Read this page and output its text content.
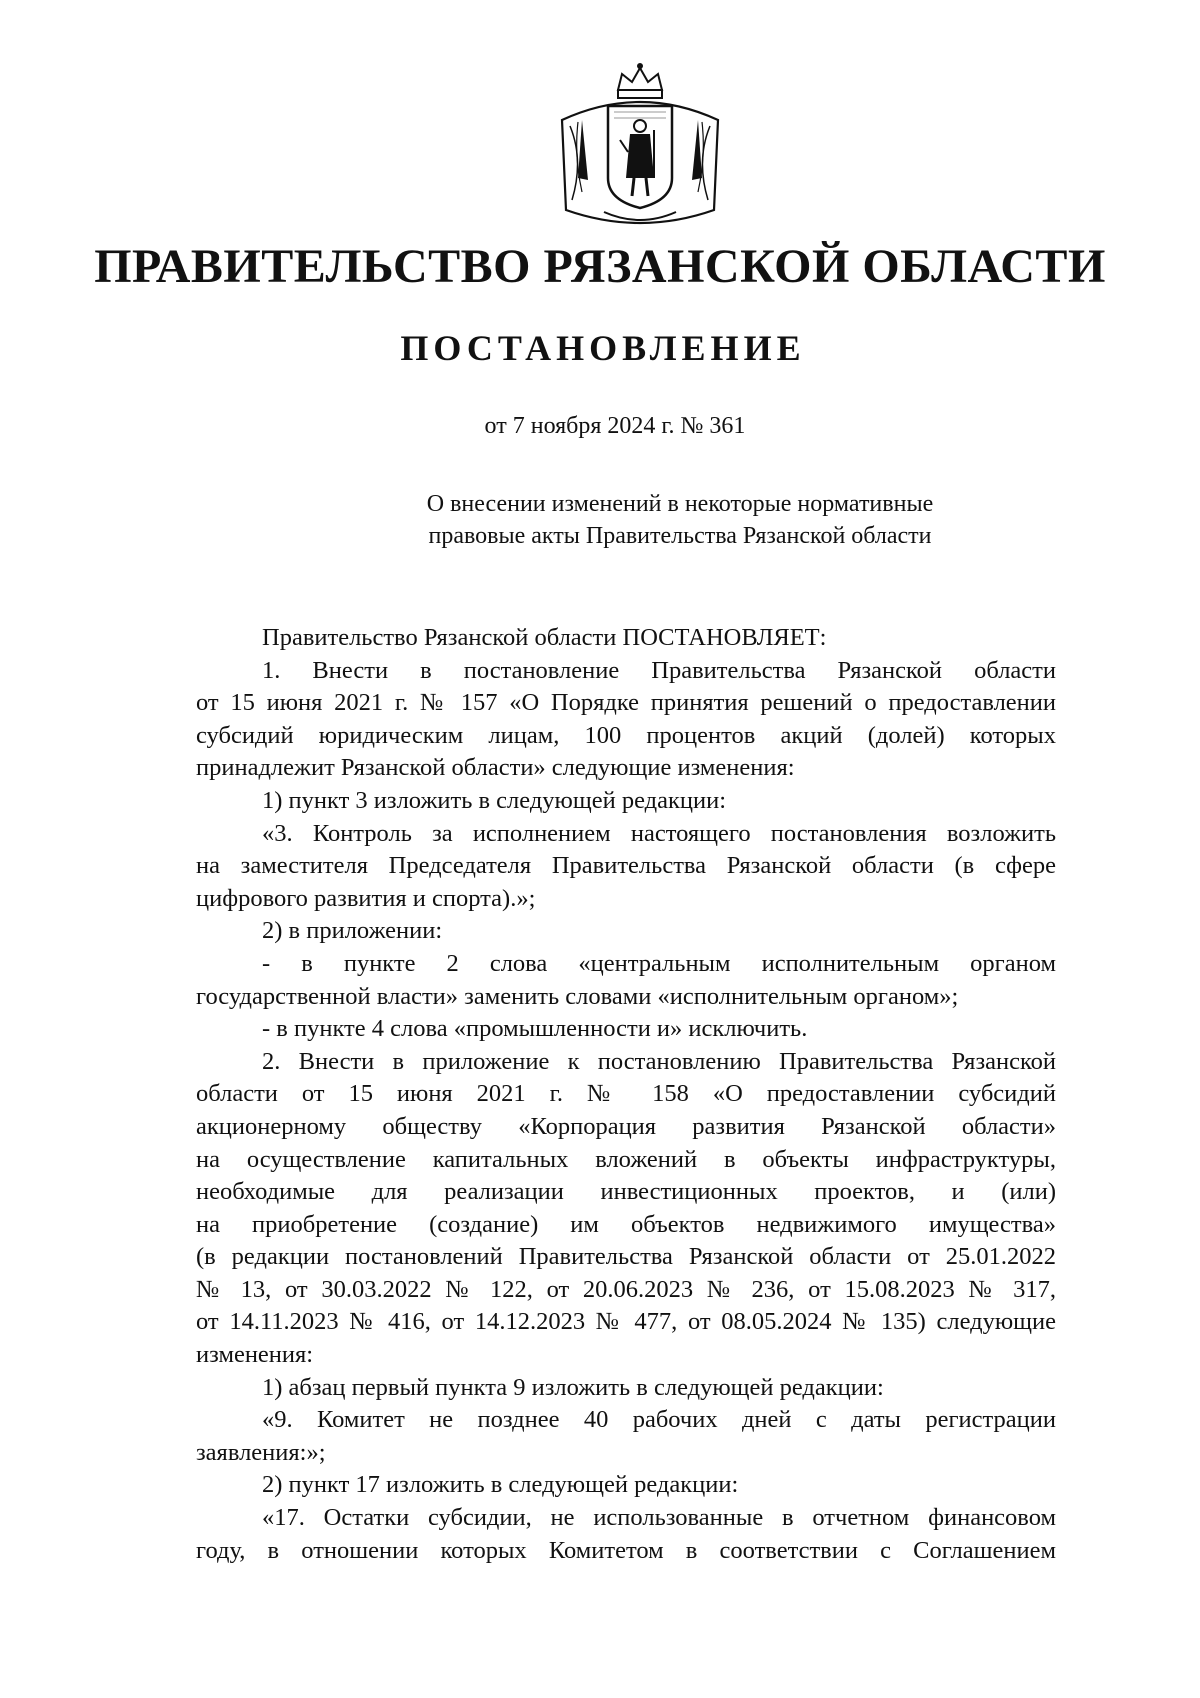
ПРАВИТЕЛЬСТВО РЯЗАНСКОЙ ОБЛАСТИ
ПОСТАНОВЛЕНИЕ
от 7 ноября 2024 г. № 361
О внесении изменений в некоторые нормативные
правовые акты Правительства Рязанской области
Правительство Рязанской области ПОСТАНОВЛЯЕТ:
1. Внести в постановление Правительства Рязанской области
от 15 июня 2021 г. № 157 «О Порядке принятия решений о предоставлении
субсидий юридическим лицам, 100 процентов акций (долей) которых
принадлежит Рязанской области» следующие изменения:
1) пункт 3 изложить в следующей редакции:
«3. Контроль за исполнением настоящего постановления возложить
на заместителя Председателя Правительства Рязанской области (в сфере
цифрового развития и спорта).»;
2) в приложении:
- в пункте 2 слова «центральным исполнительным органом
государственной власти» заменить словами «исполнительным органом»;
- в пункте 4 слова «промышленности и» исключить.
2. Внести в приложение к постановлению Правительства Рязанской
области от 15 июня 2021 г. № 158 «О предоставлении субсидий
акционерному обществу «Корпорация развития Рязанской области»
на осуществление капитальных вложений в объекты инфраструктуры,
необходимые для реализации инвестиционных проектов, и (или)
на приобретение (создание) им объектов недвижимого имущества»
(в редакции постановлений Правительства Рязанской области от 25.01.2022
№ 13, от 30.03.2022 № 122, от 20.06.2023 № 236, от 15.08.2023 № 317,
от 14.11.2023 № 416, от 14.12.2023 № 477, от 08.05.2024 № 135) следующие
изменения:
1) абзац первый пункта 9 изложить в следующей редакции:
«9. Комитет не позднее 40 рабочих дней с даты регистрации
заявления:»;
2) пункт 17 изложить в следующей редакции:
«17. Остатки субсидии, не использованные в отчетном финансовом
году, в отношении которых Комитетом в соответствии с Соглашением
